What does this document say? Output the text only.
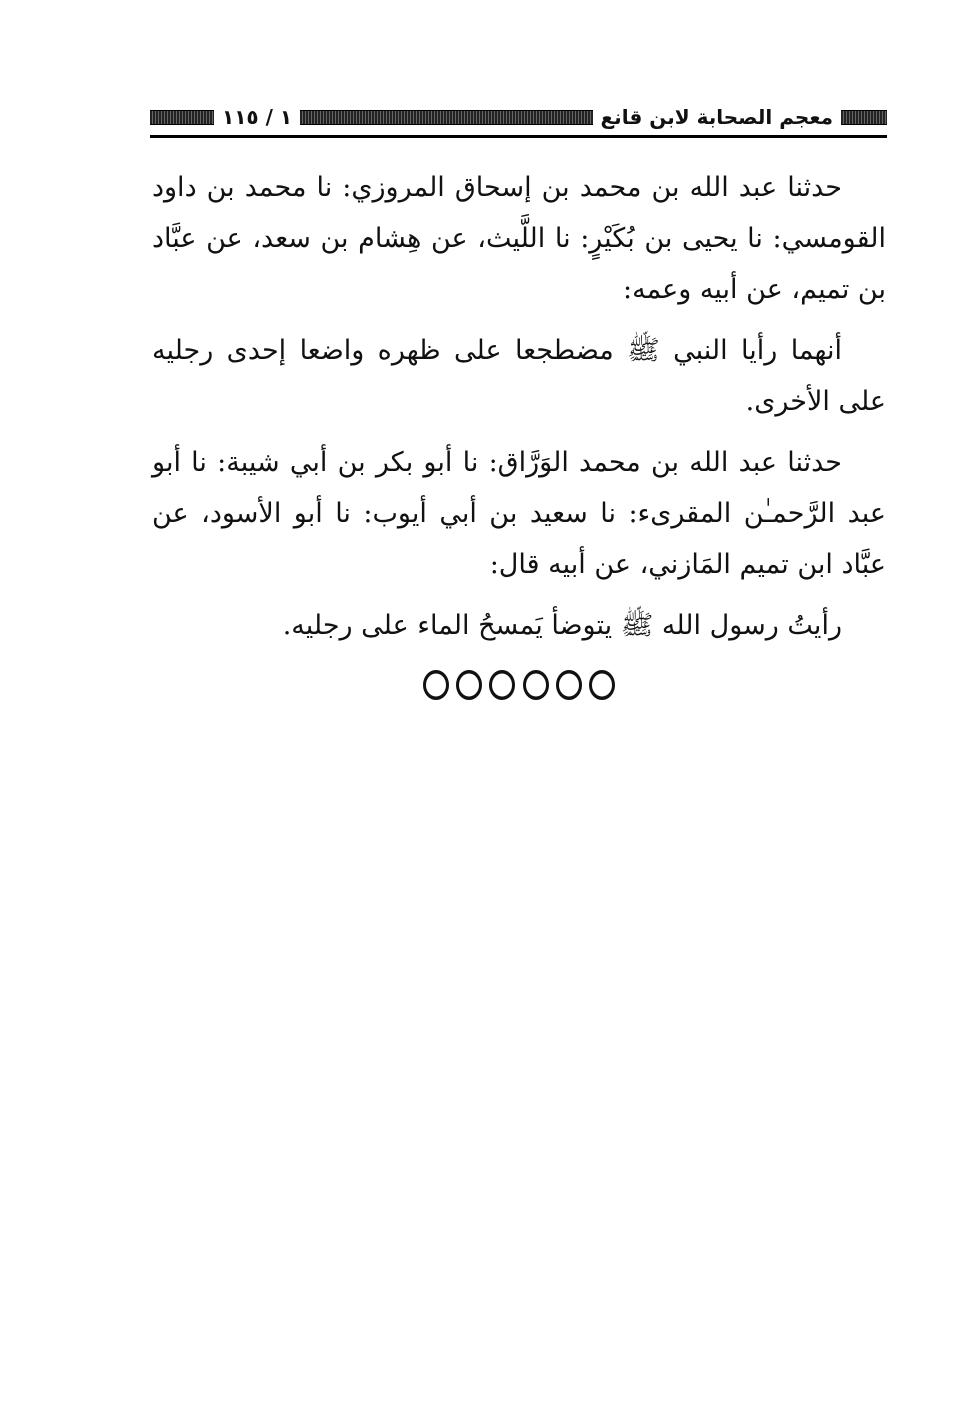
معجم الصحابة لابن قانع
١ / ١١٥

حدثنا عبد الله بن محمد بن إسحاق المروزي: نا محمد بن داود القومسي: نا يحيى بن بُكَيْرٍ: نا اللَّيث، عن هِشام بن سعد، عن عبَّاد بن تميم، عن أبيه وعمه:

أنهما رأيا النبي ﷺ مضطجعا على ظهره واضعا إحدى رجليه على الأخرى.

حدثنا عبد الله بن محمد الوَرَّاق: نا أبو بكر بن أبي شيبة: نا أبو عبد الرَّحمـٰن المقرىء: نا سعيد بن أبي أيوب: نا أبو الأسود، عن عبَّاد ابن تميم المَازني، عن أبيه قال:

رأيتُ رسول الله ﷺ يتوضأ يَمسحُ الماء على رجليه.
